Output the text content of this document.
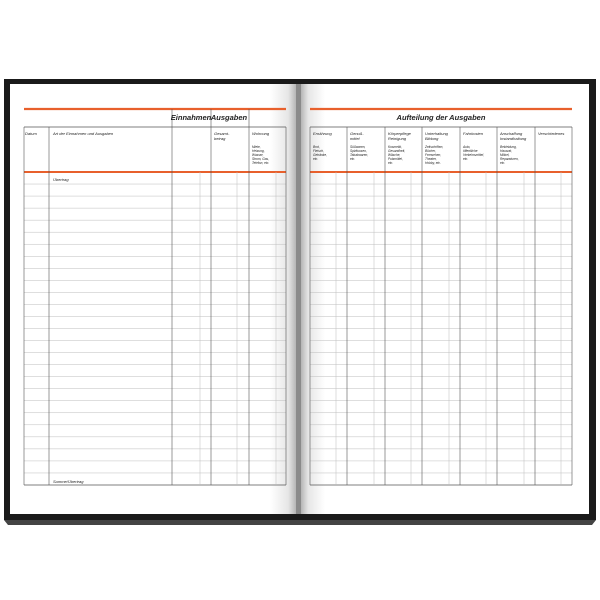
Einnahmen Ausgaben
Datum	Art der Einnahmen und Ausgaben	Gesamt-
betrag
Wohnung
Miete,
Heizung,
Wasser,
Strom, Gas,
Telefon, etc.
Übertrag
Summe/Übertrag
Ernährung
Brot,
Fleisch,
Getränke,
etc.
Genuß-
mittel
Süßwaren,
Spirituosen,
Tabakwaren,
etc.
Körperpflege
Reinigung
Kosmetik,
Gesundheit,
Wäsche,
Putzmittel,
etc.
Unterhaltung
Bildung
Zeitschriften,
Bücher,
Fernsehen,
Theater,
Hobby, etc.
Fahrkosten
Auto,
öffentliche
Verkehrsmittel,
etc.
Anschaffung
Instandhaltung
Bekleidung,
Hausrat,
Möbel,
Reparaturen,
etc.
Verschiedenes
Aufteilung der Ausgaben
